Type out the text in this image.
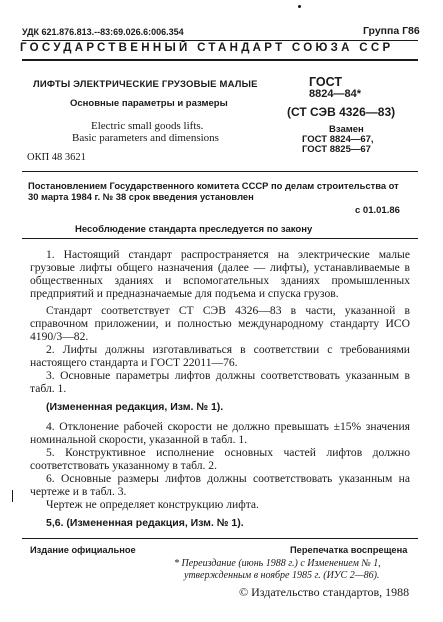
УДК 621.876.813.--83:69.026.6:006.354	Группа Г86
ГОСУДАРСТВЕННЫЙ СТАНДАРТ СОЮЗА ССР
ЛИФТЫ ЭЛЕКТРИЧЕСКИЕ ГРУЗОВЫЕ МАЛЫЕ
Основные параметры и размеры
Electric small goods lifts.
Basic parameters and dimensions
ОКП 48 3621
ГОСТ
8824—84*
(СТ СЭВ 4326—83)
Взамен
ГОСТ 8824—67,
ГОСТ 8825—67
Постановлением Государственного комитета СССР по делам строительства от
30 марта 1984 г. № 38 срок введения установлен
с 01.01.86
Несоблюдение стандарта преследуется по закону

1. Настоящий стандарт распространяется на электрические малые грузовые лифты общего назначения (далее — лифты), устанавливаемые в общественных зданиях и вспомогательных зданиях промышленных предприятий и предназначаемые для подъема и спуска грузов.

Стандарт соответствует СТ СЭВ 4326—83 в части, указанной в справочном приложении, и полностью международному стандарту ИСО 4190/3—82.

2. Лифты должны изготавливаться в соответствии с требованиями настоящего стандарта и ГОСТ 22011—76.

3. Основные параметры лифтов должны соответствовать указанным в табл. 1.

(Измененная редакция, Изм. № 1).

4. Отклонение рабочей скорости не должно превышать ±15% значения номинальной скорости, указанной в табл. 1.

5. Конструктивное исполнение основных частей лифтов должно соответствовать указанному в табл. 2.

6. Основные размеры лифтов должны соответствовать указанным на чертеже и в табл. 3.

Чертеж не определяет конструкцию лифта.

5,6. (Измененная редакция, Изм. № 1).

Издание официальное	Перепечатка воспрещена
* Переиздание (июнь 1988 г.) с Изменением № 1,
утвержденным в ноябре 1985 г. (ИУС 2—86).
© Издательство стандартов, 1988
